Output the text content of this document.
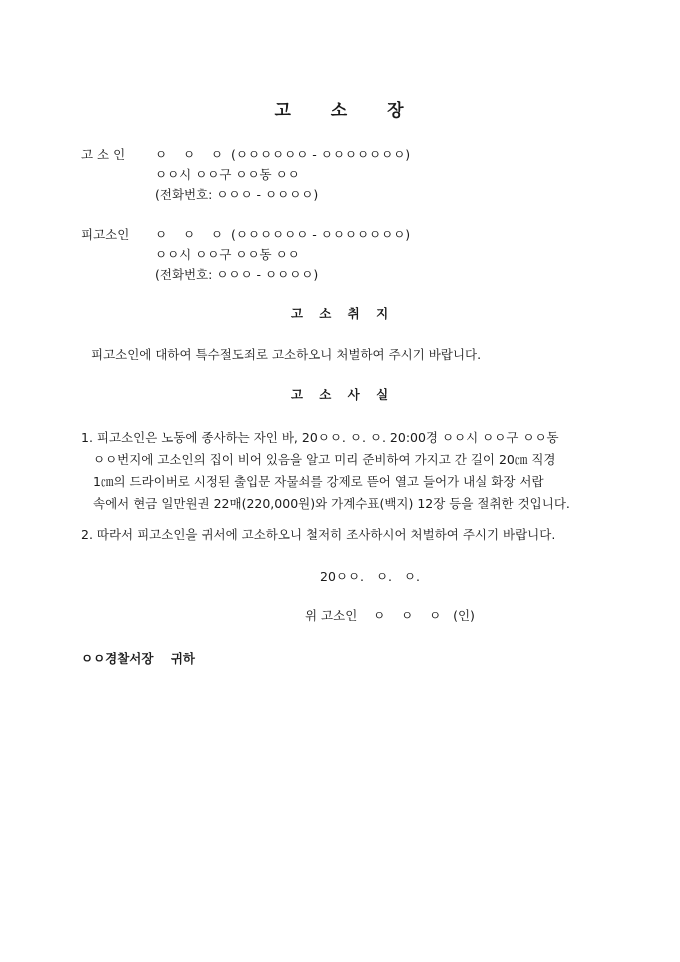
고 소 장
고 소 인	ㅇ    ㅇ    ㅇ  (ㅇㅇㅇㅇㅇㅇ - ㅇㅇㅇㅇㅇㅇㅇ)
ㅇㅇ시 ㅇㅇ구 ㅇㅇ동 ㅇㅇ
(전화번호: ㅇㅇㅇ - ㅇㅇㅇㅇ)
피고소인	ㅇ    ㅇ    ㅇ  (ㅇㅇㅇㅇㅇㅇ - ㅇㅇㅇㅇㅇㅇㅇ)
ㅇㅇ시 ㅇㅇ구 ㅇㅇ동 ㅇㅇ
(전화번호: ㅇㅇㅇ - ㅇㅇㅇㅇ)
고 소 취 지
피고소인에 대하여 특수절도죄로 고소하오니 처벌하여 주시기 바랍니다.
고 소 사 실
1. 피고소인은 노동에 종사하는 자인 바, 20ㅇㅇ. ㅇ. ㅇ. 20:00경 ㅇㅇ시 ㅇㅇ구 ㅇㅇ동
ㅇㅇ번지에 고소인의 집이 비어 있음을 알고 미리 준비하여 가지고 간 길이 20㎝ 직경
1㎝의 드라이버로 시정된 출입문 자물쇠를 강제로 뜯어 열고 들어가 내실 화장 서랍
속에서 현금 일만원권 22매(220,000원)와 가계수표(백지) 12장 등을 절취한 것입니다.
2. 따라서 피고소인을 귀서에 고소하오니 철저히 조사하시어 처벌하여 주시기 바랍니다.
20ㅇㅇ.   ㅇ.   ㅇ.
위 고소인    ㅇ    ㅇ    ㅇ   (인)
ㅇㅇ경찰서장    귀하
